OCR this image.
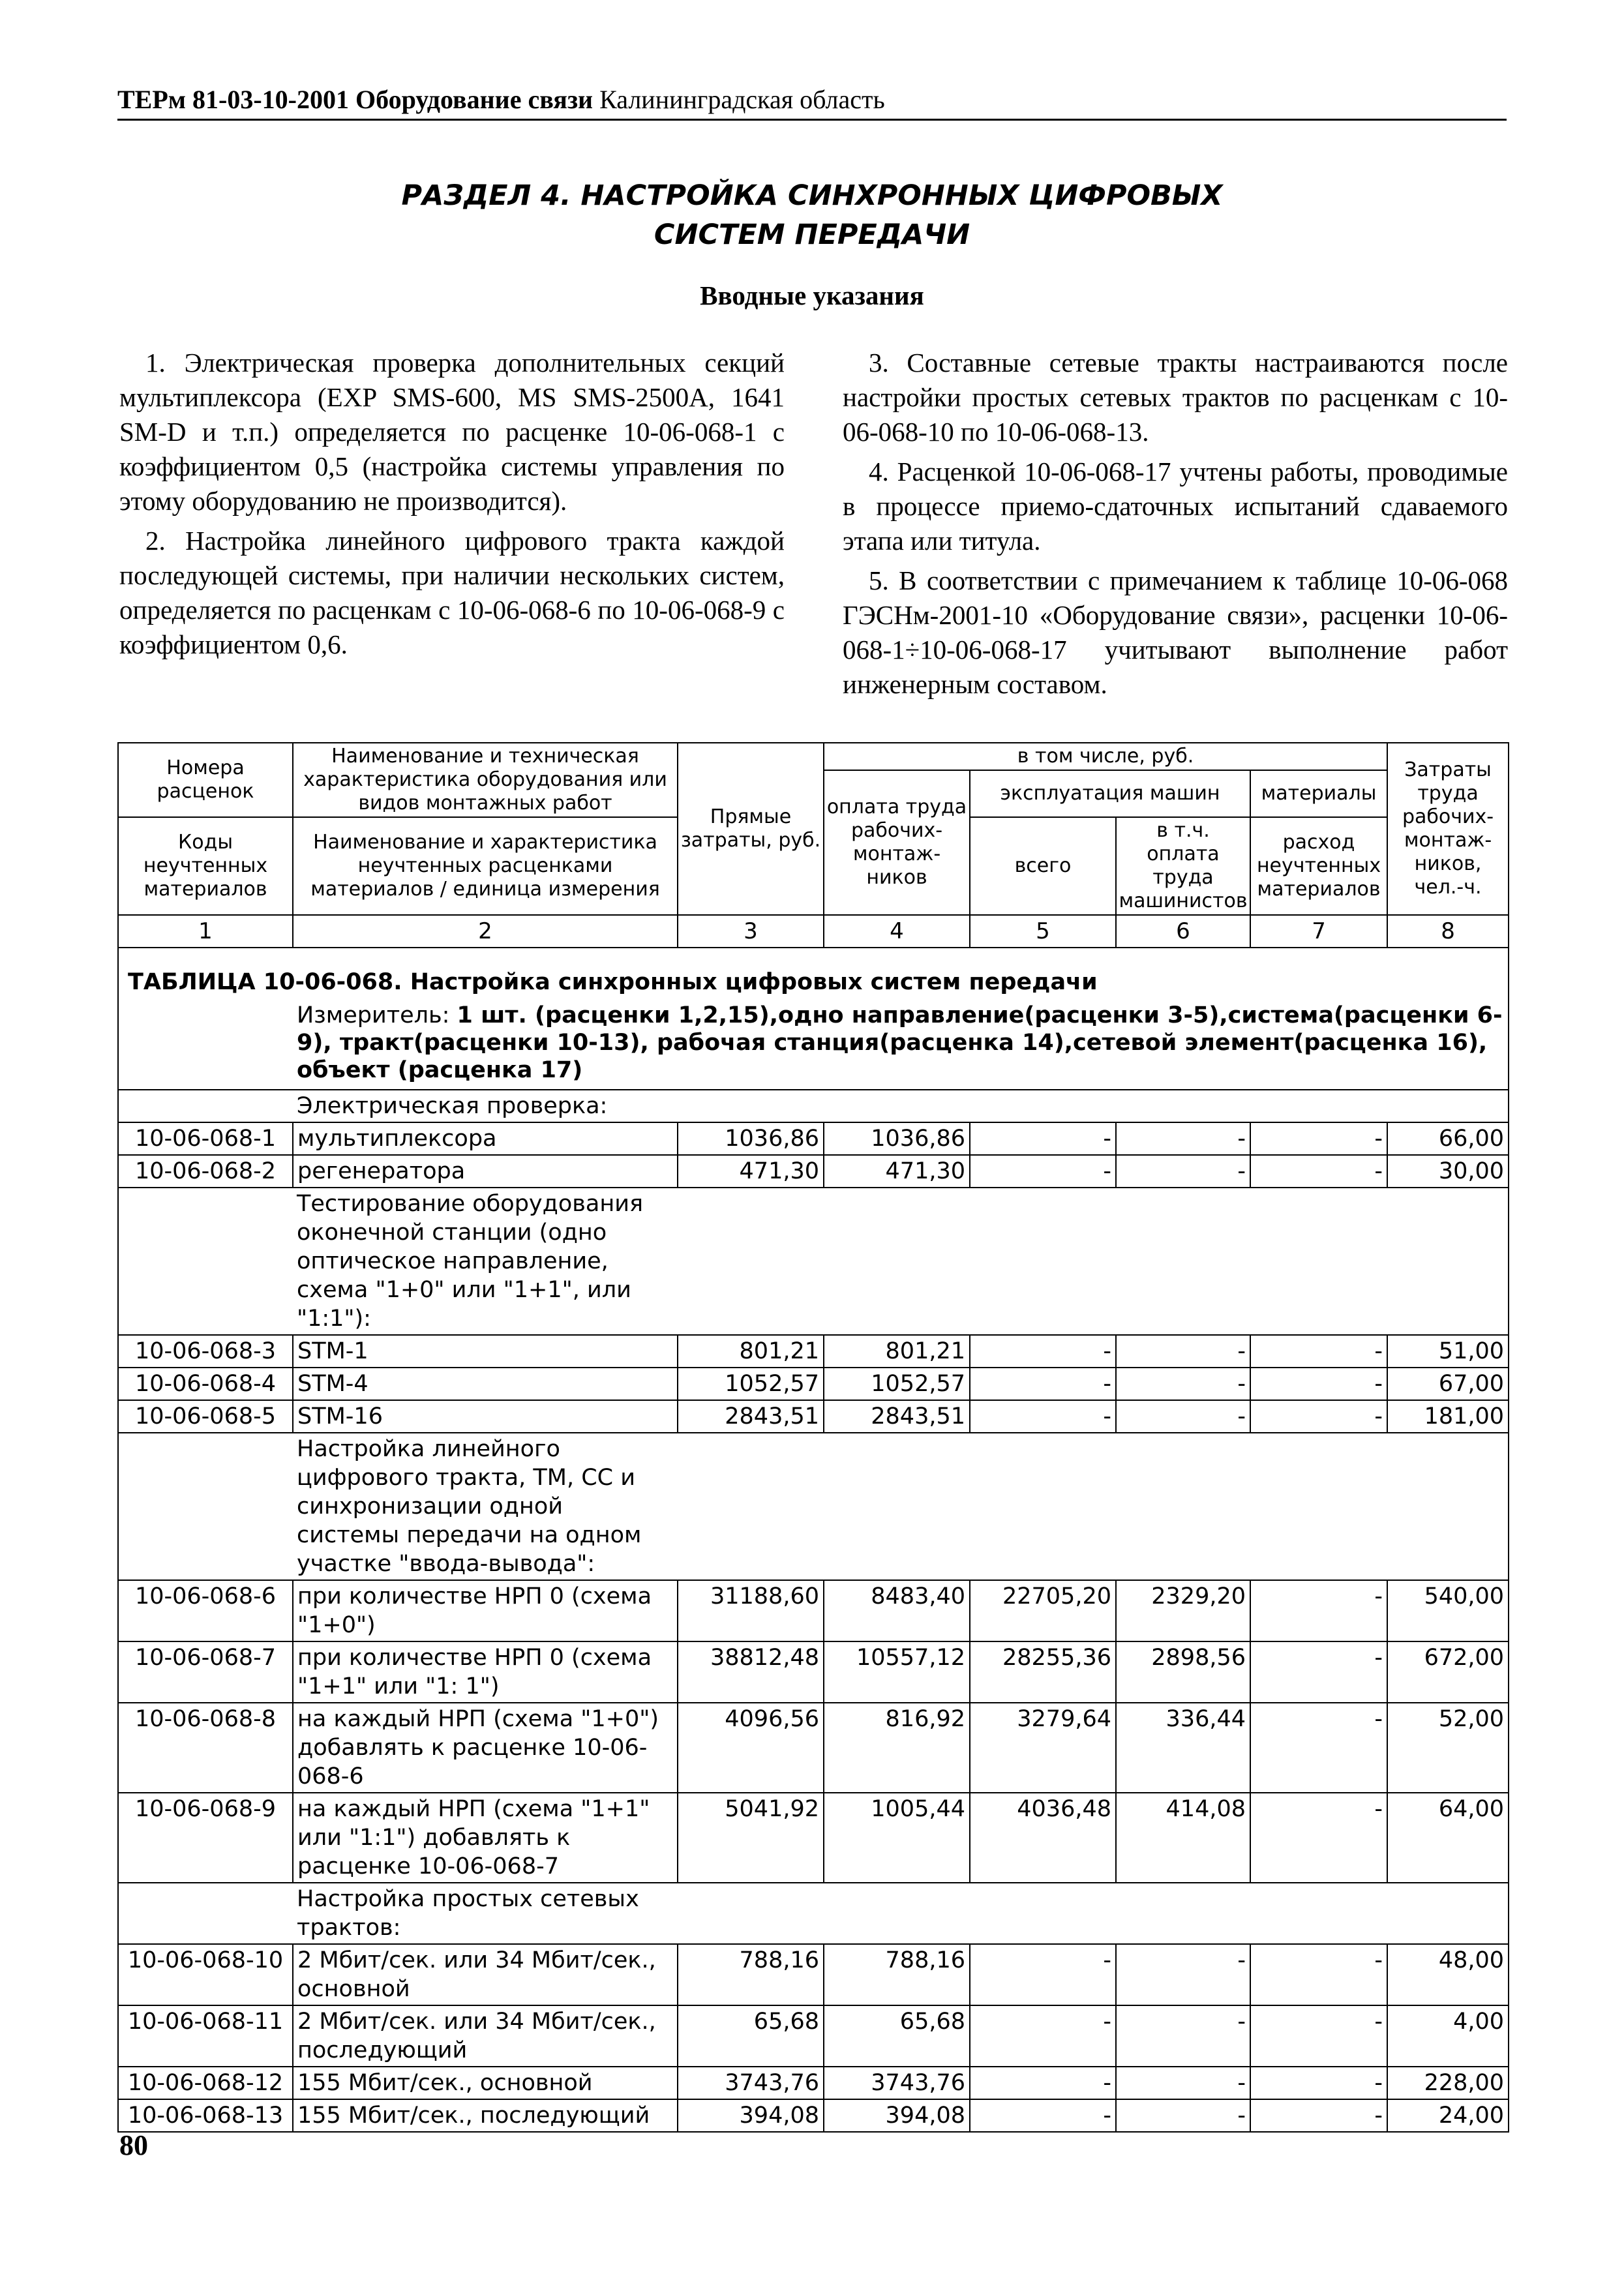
ТЕРм 81-03-10-2001 Оборудование связи Калининградская область
РАЗДЕЛ 4. НАСТРОЙКА СИНХРОННЫХ ЦИФРОВЫХ
СИСТЕМ ПЕРЕДАЧИ
Вводные указания

1. Электрическая проверка дополнительных секций мультиплексора (EXP SMS-600, MS SMS-2500A, 1641 SM-D и т.п.) определяется по расценке 10-06-068-1 с коэффициентом 0,5 (настройка системы управления по этому оборудованию не производится).

2. Настройка линейного цифрового тракта каждой последующей системы, при наличии нескольких систем, определяется по расценкам с 10-06-068-6 по 10-06-068-9 с коэффициентом 0,6.

3. Составные сетевые тракты настраиваются после настройки простых сетевых трактов по расценкам с 10-06-068-10 по 10-06-068-13.

4. Расценкой 10-06-068-17 учтены работы, проводимые в процессе приемо-сдаточных испытаний сдаваемого этапа или титула.

5. В соответствии с примечанием к таблице 10-06-068 ГЭСНм-2001-10 «Оборудование связи», расценки 10-06-068-1÷10-06-068-17 учитывают выполнение работ инженерным составом.

Номера расценок	Наименование и техническая характеристика оборудования или видов монтажных работ	Прямые затраты, руб.	в том числе, руб.				Затраты труда рабочих-монтаж-ников, чел.-ч.
			оплата труда рабочих-монтаж-ников	эксплуатация машин		материалы	
Коды неучтенных материалов	Наименование и характеристика неучтенных расценками материалов / единица измерения			всего	в т.ч. оплата труда машинистов	расход неучтенных материалов	

1	2	3	4	5	6	7	8
ТАБЛИЦА 10-06-068. Настройка синхронных цифровых систем передачи							
	Измеритель: 1 шт. (расценки 1,2,15),одно направление(расценки 3-5),система(расценки 6-9), тракт(расценки 10-13), рабочая станция(расценка 14),сетевой элемент(расценка 16), объект (расценка 17)						

	Электрическая проверка:						

10-06-068-1	мультиплексора	1036,86	1036,86	-	-	-	66,00
10-06-068-2	регенератора	471,30	471,30	-	-	-	30,00

	Тестирование оборудования оконечной станции (одно оптическое направление, схема "1+0" или "1+1", или "1:1"):						

10-06-068-3	STM-1	801,21	801,21	-	-	-	51,00
10-06-068-4	STM-4	1052,57	1052,57	-	-	-	67,00
10-06-068-5	STM-16	2843,51	2843,51	-	-	-	181,00

	Настройка линейного цифрового тракта, ТМ, СС и синхронизации одной системы передачи на одном участке "ввода-вывода":						

10-06-068-6	при количестве НРП 0 (схема "1+0")	31188,60	8483,40	22705,20	2329,20	-	540,00
10-06-068-7	при количестве НРП 0 (схема "1+1" или "1: 1")	38812,48	10557,12	28255,36	2898,56	-	672,00
10-06-068-8	на каждый НРП (схема "1+0") добавлять к расценке 10-06-068-6	4096,56	816,92	3279,64	336,44	-	52,00
10-06-068-9	на каждый НРП (схема "1+1" или "1:1") добавлять к расценке 10-06-068-7	5041,92	1005,44	4036,48	414,08	-	64,00

	Настройка простых сетевых трактов:						

10-06-068-10	2 Мбит/сек. или 34 Мбит/сек., основной	788,16	788,16	-	-	-	48,00
10-06-068-11	2 Мбит/сек. или 34 Мбит/сек., последующий	65,68	65,68	-	-	-	4,00
10-06-068-12	155 Мбит/сек., основной	3743,76	3743,76	-	-	-	228,00
10-06-068-13	155 Мбит/сек., последующий	394,08	394,08	-	-	-	24,00
80
